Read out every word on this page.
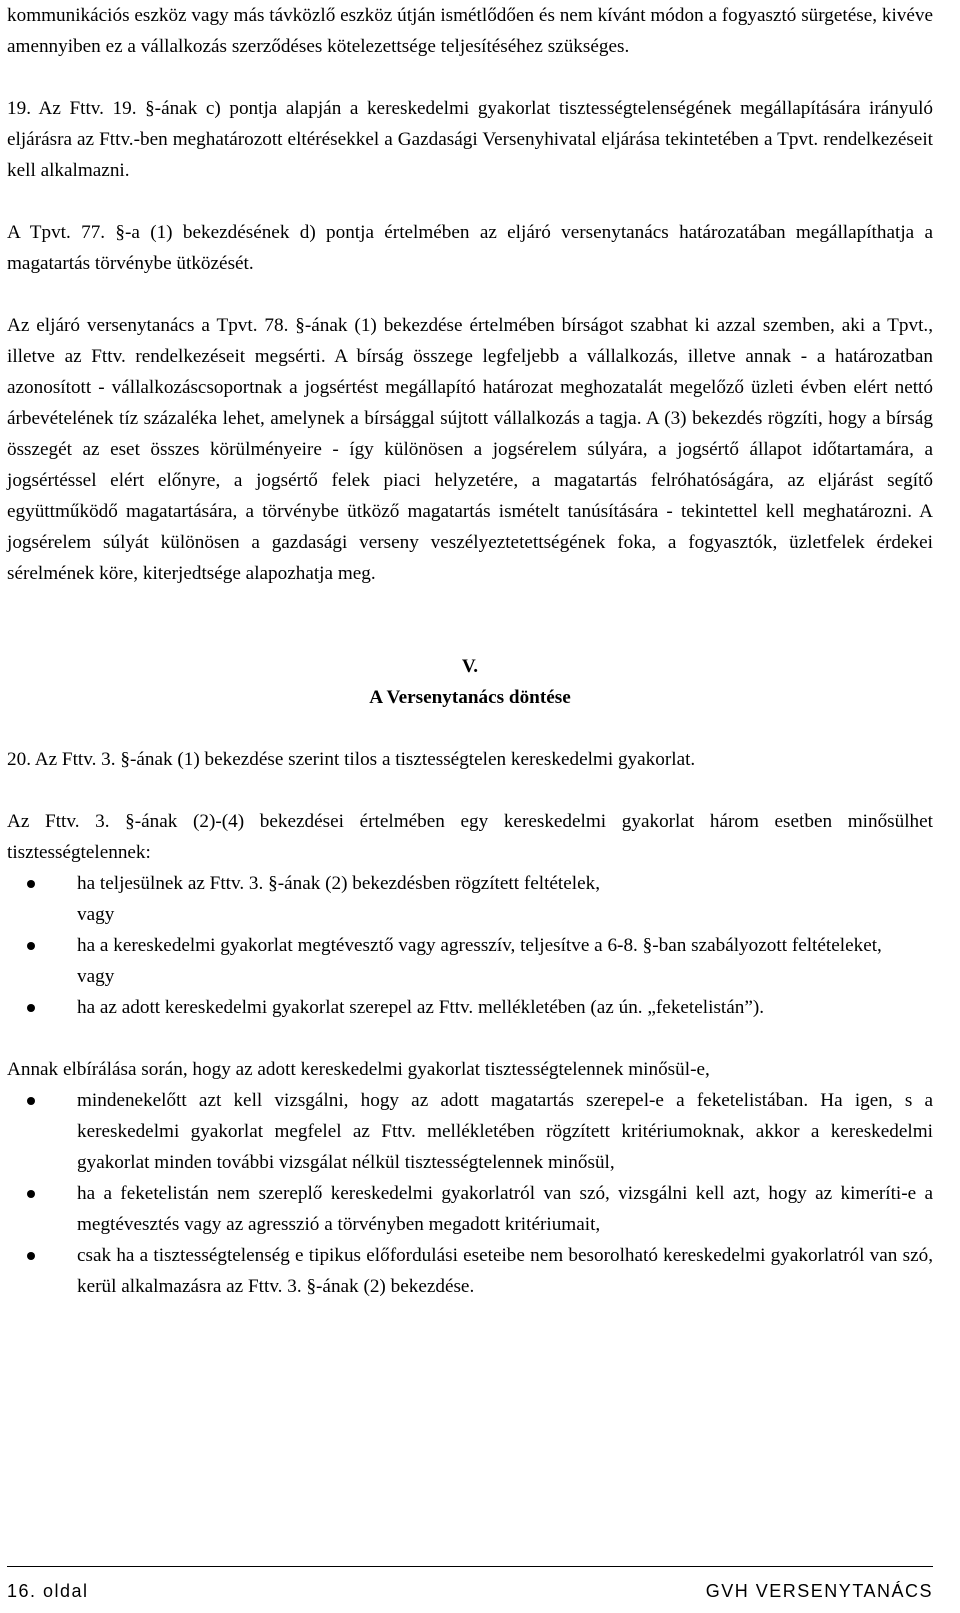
kommunikációs eszköz vagy más távközlő eszköz útján ismétlődően és nem kívánt módon a fogyasztó sürgetése, kivéve amennyiben ez a vállalkozás szerződéses kötelezettsége teljesítéséhez szükséges.

19. Az Fttv. 19. §-ának c) pontja alapján a kereskedelmi gyakorlat tisztességtelenségének megállapítására irányuló eljárásra az Fttv.-ben meghatározott eltérésekkel a Gazdasági Versenyhivatal eljárása tekintetében a Tpvt. rendelkezéseit kell alkalmazni.

A Tpvt. 77. §-a (1) bekezdésének d) pontja értelmében az eljáró versenytanács határozatában megállapíthatja a magatartás törvénybe ütközését.

Az eljáró versenytanács a Tpvt. 78. §-ának (1) bekezdése értelmében bírságot szabhat ki azzal szemben, aki a Tpvt., illetve az Fttv. rendelkezéseit megsérti. A bírság összege legfeljebb a vállalkozás, illetve annak - a határozatban azonosított - vállalkozáscsoportnak a jogsértést megállapító határozat meghozatalát megelőző üzleti évben elért nettó árbevételének tíz százaléka lehet, amelynek a bírsággal sújtott vállalkozás a tagja. A (3) bekezdés rögzíti, hogy a bírság összegét az eset összes körülményeire - így különösen a jogsérelem súlyára, a jogsértő állapot időtartamára, a jogsértéssel elért előnyre, a jogsértő felek piaci helyzetére, a magatartás felróhatóságára, az eljárást segítő együttműködő magatartására, a törvénybe ütköző magatartás ismételt tanúsítására - tekintettel kell meghatározni. A jogsérelem súlyát különösen a gazdasági verseny veszélyeztetettségének foka, a fogyasztók, üzletfelek érdekei sérelmének köre, kiterjedtsége alapozhatja meg.

V.

A Versenytanács döntése

20. Az Fttv. 3. §-ának (1) bekezdése szerint tilos a tisztességtelen kereskedelmi gyakorlat.

Az Fttv. 3. §-ának (2)-(4) bekezdései értelmében egy kereskedelmi gyakorlat három esetben minősülhet tisztességtelennek:

ha teljesülnek az Fttv. 3. §-ának (2) bekezdésben rögzített feltételek,
vagy
ha a kereskedelmi gyakorlat megtévesztő vagy agresszív, teljesítve a 6-8. §-ban szabályozott feltételeket,
vagy
ha az adott kereskedelmi gyakorlat szerepel az Fttv. mellékletében (az ún. „feketelistán”).

Annak elbírálása során, hogy az adott kereskedelmi gyakorlat tisztességtelennek minősül-e,

mindenekelőtt azt kell vizsgálni, hogy az adott magatartás szerepel-e a feketelistában. Ha igen, s a kereskedelmi gyakorlat megfelel az Fttv. mellékletében rögzített kritériumoknak, akkor a kereskedelmi gyakorlat minden további vizsgálat nélkül tisztességtelennek minősül,
ha a feketelistán nem szereplő kereskedelmi gyakorlatról van szó, vizsgálni kell azt, hogy az kimeríti-e a megtévesztés vagy az agresszió a törvényben megadott kritériumait,
csak ha a tisztességtelenség e tipikus előfordulási eseteibe nem besorolható kereskedelmi gyakorlatról van szó, kerül alkalmazásra az Fttv. 3. §-ának (2) bekezdése.
16. oldal	GVH VERSENYTANÁCS
